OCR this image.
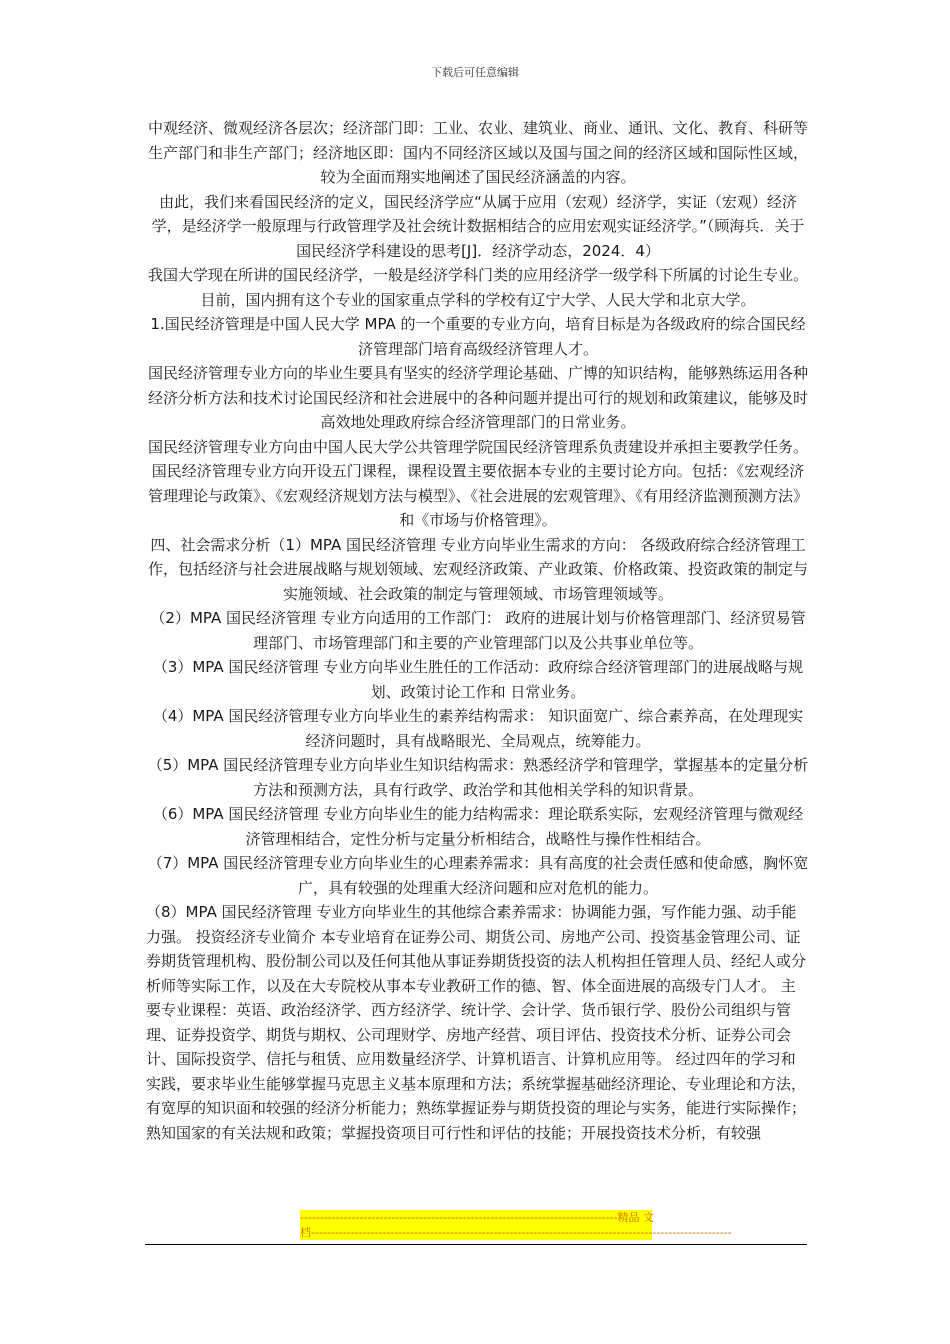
下载后可任意编辑

中观经济、微观经济各层次；经济部门即：工业、农业、建筑业、商业、通讯、文化、教育、科研等生产部门和非生产部门；经济地区即：国内不同经济区域以及国与国之间的经济区域和国际性区域，较为全面而翔实地阐述了国民经济涵盖的内容。

由此，我们来看国民经济的定义，国民经济学应“从属于应用（宏观）经济学，实证（宏观）经济学，是经济学一般原理与行政管理学及社会统计数据相结合的应用宏观实证经济学。”（顾海兵．关于国民经济学科建设的思考[J]．经济学动态，2024．4）

我国大学现在所讲的国民经济学，一般是经济学科门类的应用经济学一级学科下所属的讨论生专业。

目前，国内拥有这个专业的国家重点学科的学校有辽宁大学、人民大学和北京大学。

1.国民经济管理是中国人民大学 MPA 的一个重要的专业方向，培育目标是为各级政府的综合国民经济管理部门培育高级经济管理人才。

国民经济管理专业方向的毕业生要具有坚实的经济学理论基础、广博的知识结构，能够熟练运用各种经济分析方法和技术讨论国民经济和社会进展中的各种问题并提出可行的规划和政策建议，能够及时高效地处理政府综合经济管理部门的日常业务。

国民经济管理专业方向由中国人民大学公共管理学院国民经济管理系负责建设并承担主要教学任务。 国民经济管理专业方向开设五门课程，课程设置主要依据本专业的主要讨论方向。包括：《宏观经济管理理论与政策》、《宏观经济规划方法与模型》、《社会进展的宏观管理》、《有用经济监测预测方法》和《市场与价格管理》。

四、社会需求分析（1）MPA 国民经济管理 专业方向毕业生需求的方向： 各级政府综合经济管理工作，包括经济与社会进展战略与规划领域、宏观经济政策、产业政策、价格政策、投资政策的制定与实施领域、社会政策的制定与管理领域、市场管理领域等。

（2）MPA 国民经济管理 专业方向适用的工作部门： 政府的进展计划与价格管理部门、经济贸易管理部门、市场管理部门和主要的产业管理部门以及公共事业单位等。

（3）MPA 国民经济管理 专业方向毕业生胜任的工作活动：政府综合经济管理部门的进展战略与规划、政策讨论工作和 日常业务。

（4）MPA 国民经济管理专业方向毕业生的素养结构需求： 知识面宽广、综合素养高，在处理现实经济问题时，具有战略眼光、全局观点，统筹能力。

（5）MPA 国民经济管理专业方向毕业生知识结构需求：熟悉经济学和管理学，掌握基本的定量分析方法和预测方法，具有行政学、政治学和其他相关学科的知识背景。

（6）MPA 国民经济管理 专业方向毕业生的能力结构需求：理论联系实际，宏观经济管理与微观经济管理相结合，定性分析与定量分析相结合，战略性与操作性相结合。

（7）MPA 国民经济管理专业方向毕业生的心理素养需求：具有高度的社会责任感和使命感，胸怀宽广，具有较强的处理重大经济问题和应对危机的能力。

（8）MPA 国民经济管理 专业方向毕业生的其他综合素养需求：协调能力强，写作能力强、动手能力强。 投资经济专业简介 本专业培育在证券公司、期货公司、房地产公司、投资基金管理公司、证券期货管理机构、股份制公司以及任何其他从事证券期货投资的法人机构担任管理人员、经纪人或分析师等实际工作，以及在大专院校从事本专业教研工作的德、智、体全面进展的高级专门人才。 主要专业课程：英语、政治经济学、西方经济学、统计学、会计学、货币银行学、股份公司组织与管理、证券投资学、期货与期权、公司理财学、房地产经营、项目评估、投资技术分析、证券公司会计、国际投资学、信托与租赁、应用数量经济学、计算机语言、计算机应用等。 经过四年的学习和实践，要求毕业生能够掌握马克思主义基本原理和方法；系统掌握基础经济理论、专业理论和方法，有宽厚的知识面和较强的经济分析能力；熟练掌握证券与期货投资的理论与实务，能进行实际操作；熟知国家的有关法规和政策；掌握投资项目可行性和评估的技能；开展投资技术分析，有较强

--------------------------------------------------------------------------------精品 文
档----------------------------------------------------------------------------------------------------------
